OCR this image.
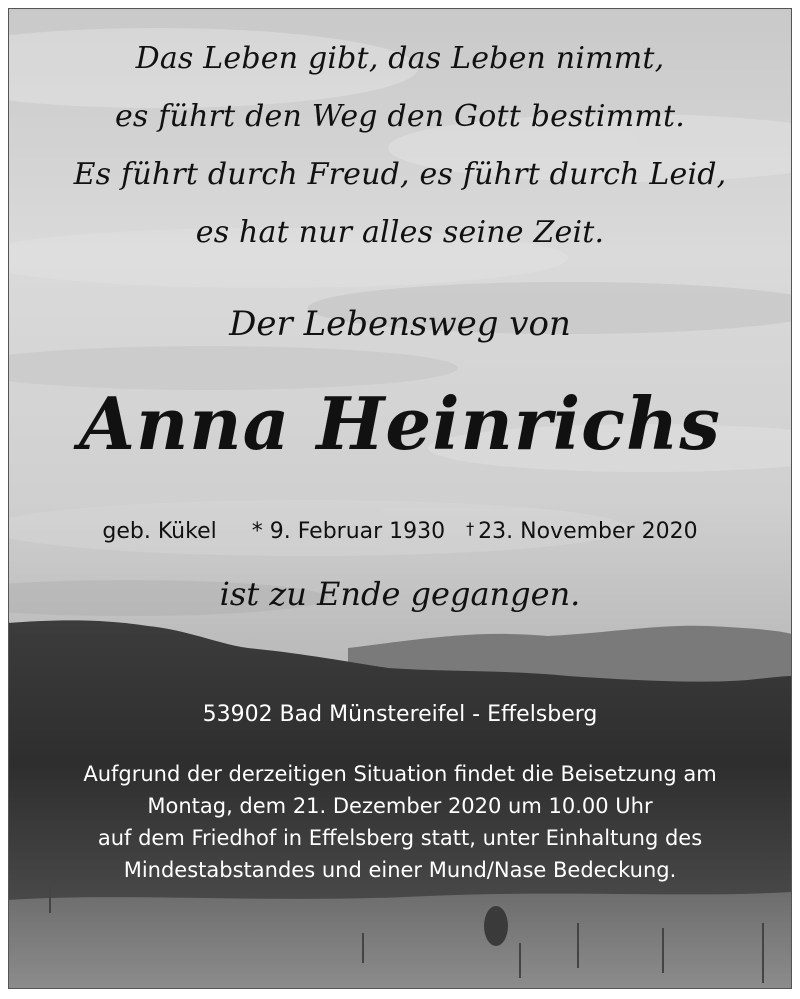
Das Leben gibt, das Leben nimmt,
es führt den Weg den Gott bestimmt.
Es führt durch Freud, es führt durch Leid,
es hat nur alles seine Zeit.
Der Lebensweg von
Anna Heinrichs
geb. Kükel * 9. Februar 1930 † 23. November 2020
ist zu Ende gegangen.
53902 Bad Münstereifel - Effelsberg
Aufgrund der derzeitigen Situation findet die Beisetzung am
Montag, dem 21. Dezember 2020 um 10.00 Uhr
auf dem Friedhof in Effelsberg statt, unter Einhaltung des
Mindestabstandes und einer Mund/Nase Bedeckung.
